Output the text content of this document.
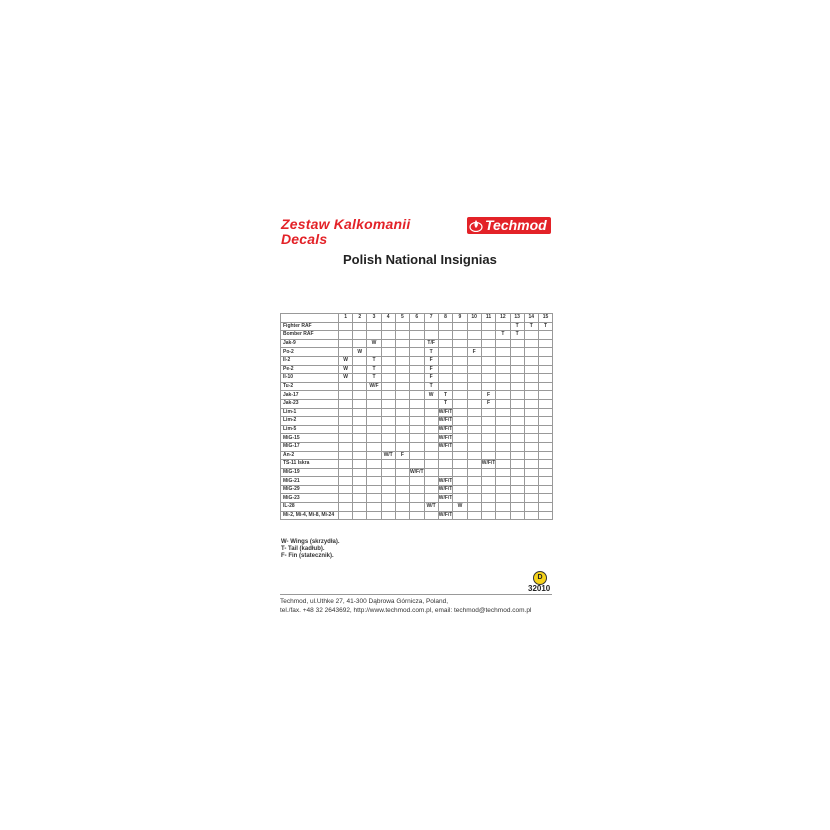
Zestaw Kalkomanii
Decals
Techmod
Polish National Insignias
	1	2	3	4	5	6	7	8	9	10	11	12	13	14	15
Fighter RAF													T	T	T
Bomber RAF												T	T		
Jak-9			W				T/F								
Po-2		W					T			F					
Il-2	W		T				F								
Pe-2	W		T				F								
Il-10	W		T				F								
Tu-2			W/F				T								
Jak-17							W	T			F				
Jak-23								T			F				
Lim-1								W/F/T							
Lim-2								W/F/T							
Lim-5								W/F/T							
MiG-15								W/F/T							
MiG-17								W/F/T							
An-2				W/T	F										
TS-11 Iskra											W/F/T				
MiG-19						W/F/T									
MiG-21								W/F/T							
MiG-29								W/F/T							
MiG-23								W/F/T							
IL-28							W/T		W						
Mi-2, Mi-4, Mi-8, Mi-24								W/F/T							
W- Wings (skrzydła).
T- Tail (kadłub).
F- Fin (statecznik).
D
32010
Techmod, ul.Uthke 27, 41-300 Dąbrowa Górnicza, Poland,
tel./fax. +48 32 2643692, http://www.techmod.com.pl, email: techmod@techmod.com.pl
